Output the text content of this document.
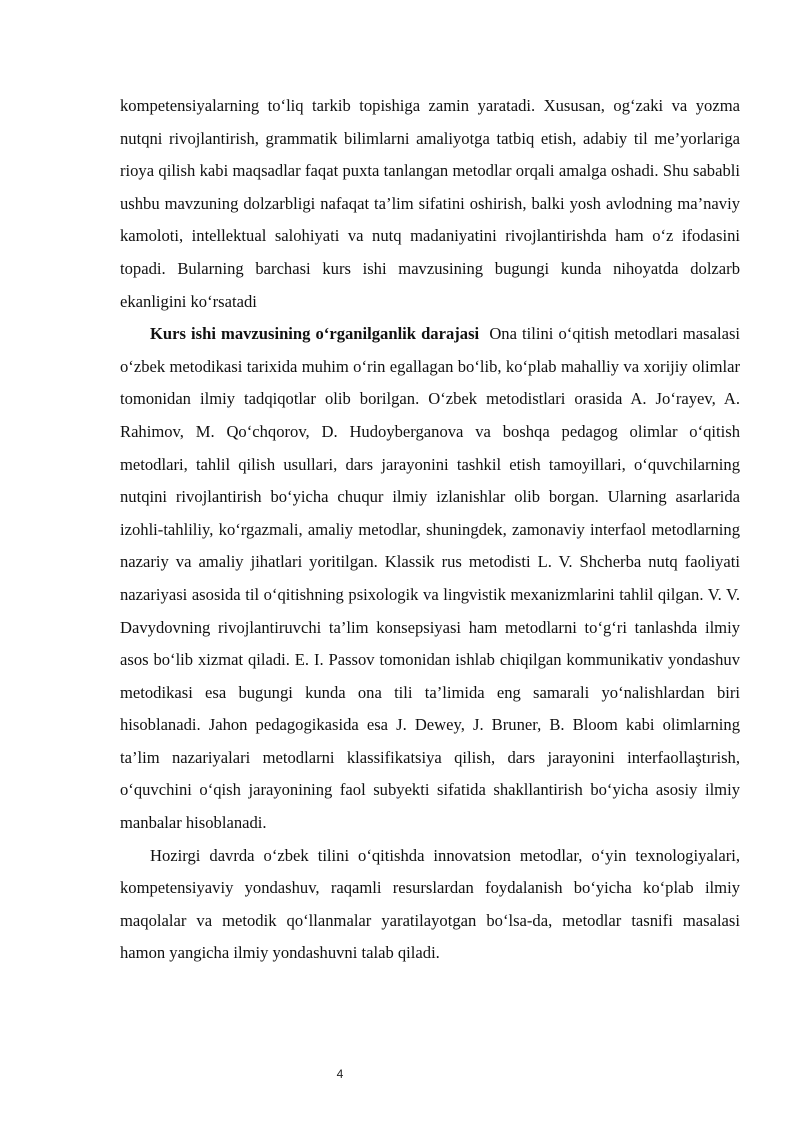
kompetensiyalarning to‘liq tarkib topishiga zamin yaratadi. Xususan, og‘zaki va yozma nutqni rivojlantirish, grammatik bilimlarni amaliyotga tatbiq etish, adabiy til me’yorlariga rioya qilish kabi maqsadlar faqat puxta tanlangan metodlar orqali amalga oshadi. Shu sababli ushbu mavzuning dolzarbligi nafaqat ta’lim sifatini oshirish, balki yosh avlodning ma’naviy kamoloti, intellektual salohiyati va nutq madaniyatini rivojlantirishda ham o‘z ifodasini topadi. Bularning barchasi kurs ishi mavzusining bugungi kunda nihoyatda dolzarb ekanligini ko‘rsatadi

Kurs ishi mavzusining o‘rganilganlik darajasi Ona tilini o‘qitish metodlari masalasi o‘zbek metodikasi tarixida muhim o‘rin egallagan bo‘lib, ko‘plab mahalliy va xorijiy olimlar tomonidan ilmiy tadqiqotlar olib borilgan. O‘zbek metodistlari orasida A. Jo‘rayev, A. Rahimov, M. Qo‘chqorov, D. Hudoyberganova va boshqa pedagog olimlar o‘qitish metodlari, tahlil qilish usullari, dars jarayonini tashkil etish tamoyillari, o‘quvchilarning nutqini rivojlantirish bo‘yicha chuqur ilmiy izlanishlar olib borgan. Ularning asarlarida izohli-tahliliy, ko‘rgazmali, amaliy metodlar, shuningdek, zamonaviy interfaol metodlarning nazariy va amaliy jihatlari yoritilgan. Klassik rus metodisti L. V. Shcherba nutq faoliyati nazariyasi asosida til o‘qitishning psixologik va lingvistik mexanizmlarini tahlil qilgan. V. V. Davydovning rivojlantiruvchi ta’lim konsepsiyasi ham metodlarni to‘g‘ri tanlashda ilmiy asos bo‘lib xizmat qiladi. E. I. Passov tomonidan ishlab chiqilgan kommunikativ yondashuv metodikasi esa bugungi kunda ona tili ta’limida eng samarali yo‘nalishlardan biri hisoblanadi. Jahon pedagogikasida esa J. Dewey, J. Bruner, B. Bloom kabi olimlarning ta’lim nazariyalari metodlarni klassifikatsiya qilish, dars jarayonini interfaollaştırish, o‘quvchini o‘qish jarayonining faol subyekti sifatida shakllantirish bo‘yicha asosiy ilmiy manbalar hisoblanadi.

Hozirgi davrda o‘zbek tilini o‘qitishda innovatsion metodlar, o‘yin texnologiyalari, kompetensiyaviy yondashuv, raqamli resurslardan foydalanish bo‘yicha ko‘plab ilmiy maqolalar va metodik qo‘llanmalar yaratilayotgan bo‘lsa-da, metodlar tasnifi masalasi hamon yangicha ilmiy yondashuvni talab qiladi.

4
